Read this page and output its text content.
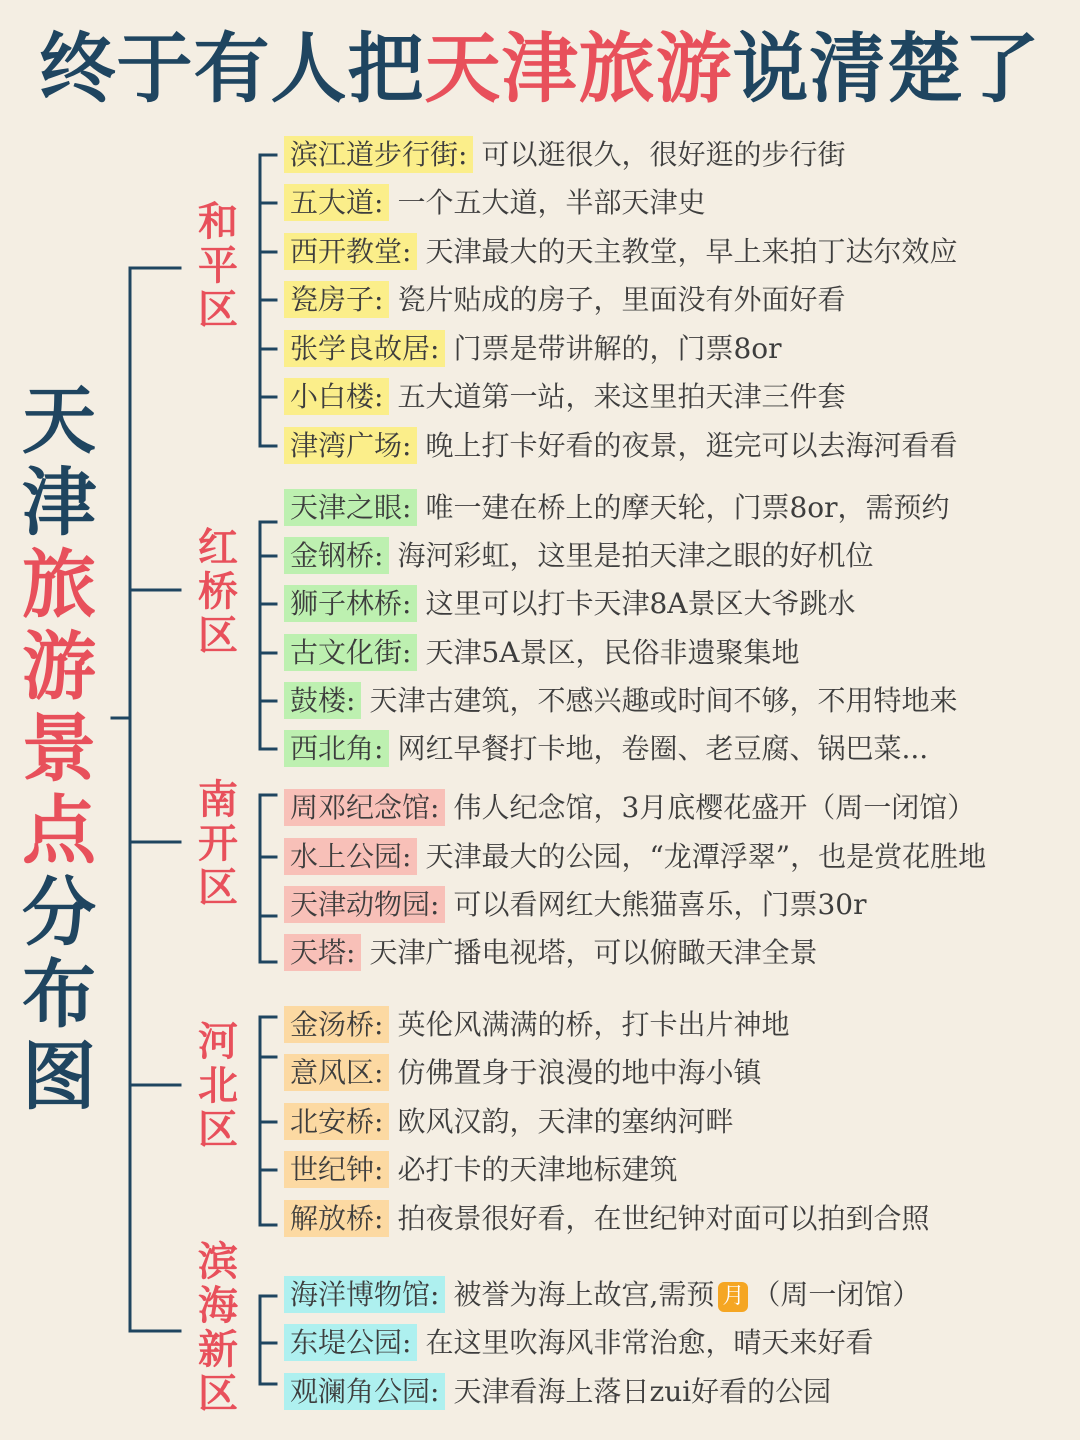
终于有人把天津旅游说清楚了
天
津
旅
游
景
点
分
布
图
和
平
区
红
桥
区
南
开
区
河
北
区
滨
海
新
区
滨江道步行街: 可以逛很久，很好逛的步行街
五大道: 一个五大道，半部天津史
西开教堂: 天津最大的天主教堂，早上来拍丁达尔效应
瓷房子: 瓷片贴成的房子，里面没有外面好看
张学良故居: 门票是带讲解的，门票8or
小白楼: 五大道第一站，来这里拍天津三件套
津湾广场: 晚上打卡好看的夜景，逛完可以去海河看看
天津之眼: 唯一建在桥上的摩天轮，门票8or，需预约
金钢桥: 海河彩虹，这里是拍天津之眼的好机位
狮子林桥: 这里可以打卡天津8A景区大爷跳水
古文化街: 天津5A景区，民俗非遗聚集地
鼓楼: 天津古建筑，不感兴趣或时间不够，不用特地来
西北角: 网红早餐打卡地，卷圈、老豆腐、锅巴菜...
周邓纪念馆: 伟人纪念馆，3月底樱花盛开（周一闭馆）
水上公园: 天津最大的公园，“龙潭浮翠”，也是赏花胜地
天津动物园: 可以看网红大熊猫喜乐，门票30r
天塔: 天津广播电视塔，可以俯瞰天津全景
金汤桥: 英伦风满满的桥，打卡出片神地
意风区: 仿佛置身于浪漫的地中海小镇
北安桥: 欧风汉韵，天津的塞纳河畔
世纪钟: 必打卡的天津地标建筑
解放桥: 拍夜景很好看，在世纪钟对面可以拍到合照
海洋博物馆: 被誉为海上故宫,需预 月 （周一闭馆）
东堤公园: 在这里吹海风非常治愈，晴天来好看
观澜角公园: 天津看海上落日zui好看的公园
